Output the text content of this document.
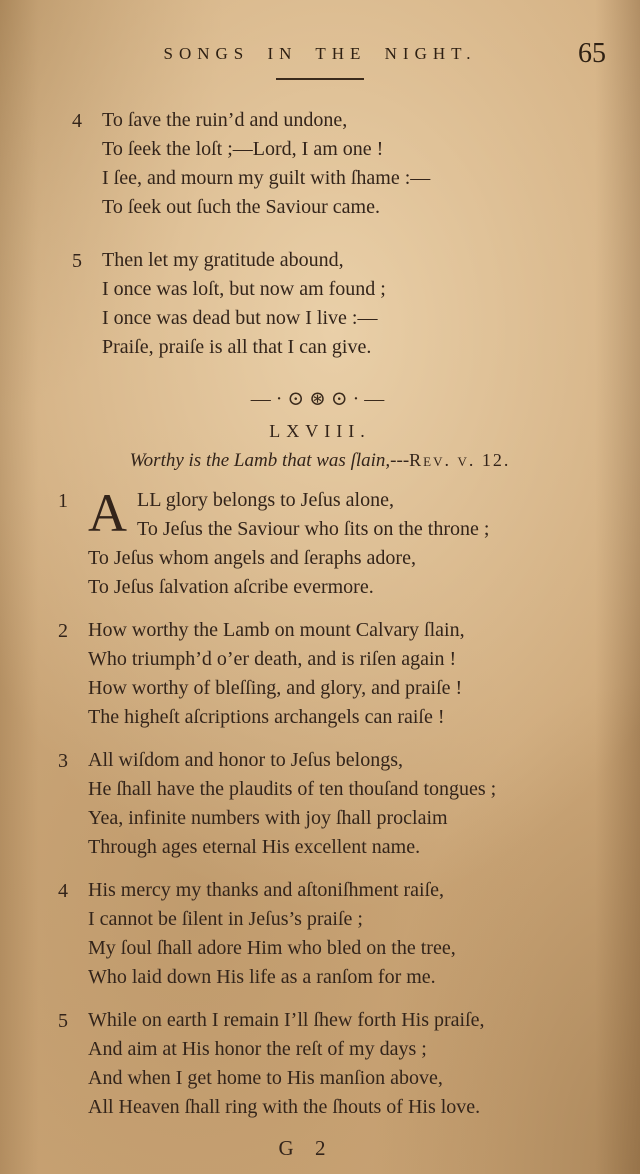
SONGS IN THE NIGHT.	65
4 To ſave the ruin’d and undone,
To ſeek the loſt ;—Lord, I am one !
I ſee, and mourn my guilt with ſhame :—
To ſeek out ſuch the Saviour came.
5 Then let my gratitude abound,
I once was loſt, but now am found ;
I once was dead but now I live :—
Praiſe, praiſe is all that I can give.
—·⊙⊛⊙·—
LXVIII.
Worthy is the Lamb that was ſlain,---Rev. v. 12.
1 A LL glory belongs to Jeſus alone,
To Jeſus the Saviour who ſits on the throne ;
To Jeſus whom angels and ſeraphs adore,
To Jeſus ſalvation aſcribe evermore.
2 How worthy the Lamb on mount Calvary ſlain,
Who triumph’d o’er death, and is riſen again !
How worthy of bleſſing, and glory, and praiſe !
The higheſt aſcriptions archangels can raiſe !
3 All wiſdom and honor to Jeſus belongs,
He ſhall have the plaudits of ten thouſand tongues ;
Yea, infinite numbers with joy ſhall proclaim
Through ages eternal His excellent name.
4 His mercy my thanks and aſtoniſhment raiſe,
I cannot be ſilent in Jeſus’s praiſe ;
My ſoul ſhall adore Him who bled on the tree,
Who laid down His life as a ranſom for me.
5 While on earth I remain I’ll ſhew forth His praiſe,
And aim at His honor the reſt of my days ;
And when I get home to His manſion above,
All Heaven ſhall ring with the ſhouts of His love.
G 2
